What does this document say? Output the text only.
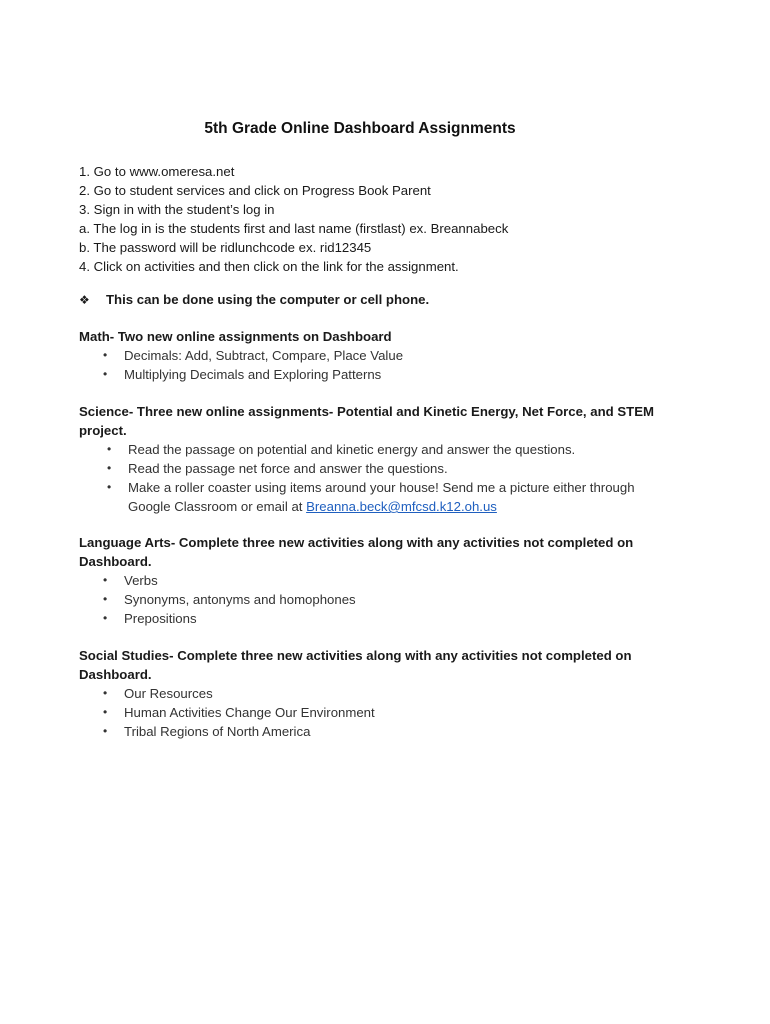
5th Grade Online Dashboard Assignments
1. Go to www.omeresa.net
2. Go to student services and click on Progress Book Parent
3. Sign in with the student’s log in
a. The log in is the students first and last name (firstlast) ex. Breannabeck
b. The password will be ridlunchcode ex. rid12345
4. Click on activities and then click on the link for the assignment.
❖ This can be done using the computer or cell phone.
Math- Two new online assignments on Dashboard
• Decimals: Add, Subtract, Compare, Place Value
• Multiplying Decimals and Exploring Patterns
Science- Three new online assignments- Potential and Kinetic Energy, Net Force, and STEM project.
• Read the passage on potential and kinetic energy and answer the questions.
• Read the passage net force and answer the questions.
• Make a roller coaster using items around your house! Send me a picture either through Google Classroom or email at Breanna.beck@mfcsd.k12.oh.us
Language Arts- Complete three new activities along with any activities not completed on Dashboard.
• Verbs
• Synonyms, antonyms and homophones
• Prepositions
Social Studies- Complete three new activities along with any activities not completed on Dashboard.
• Our Resources
• Human Activities Change Our Environment
• Tribal Regions of North America
